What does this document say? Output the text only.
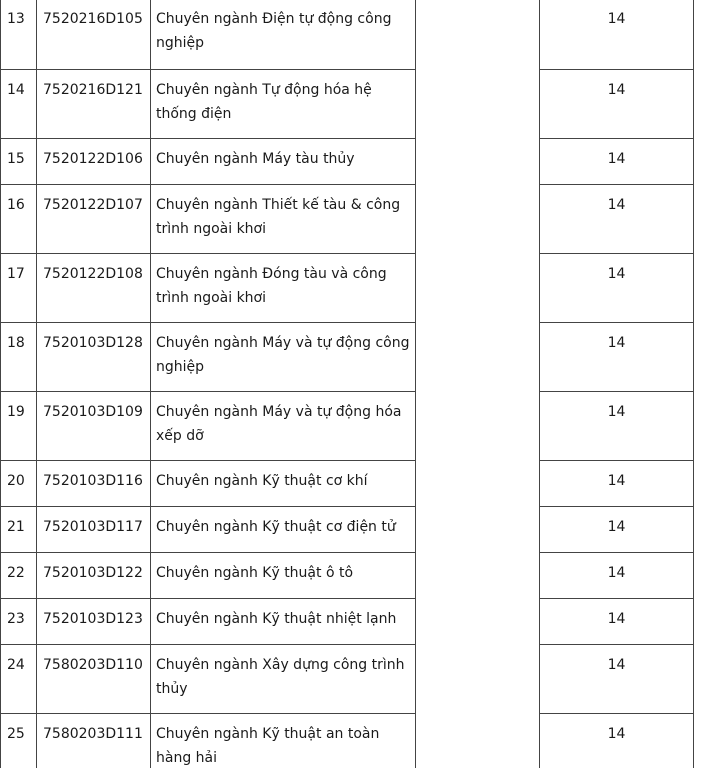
13	7520216D105	Chuyên ngành Điện tự động công nghiệp		14
14	7520216D121	Chuyên ngành Tự động hóa hệ thống điện		14
15	7520122D106	Chuyên ngành Máy tàu thủy		14
16	7520122D107	Chuyên ngành Thiết kế tàu & công trình ngoài khơi		14
17	7520122D108	Chuyên ngành Đóng tàu và công trình ngoài khơi		14
18	7520103D128	Chuyên ngành Máy và tự động công nghiệp		14
19	7520103D109	Chuyên ngành Máy và tự động hóa xếp dỡ		14
20	7520103D116	Chuyên ngành Kỹ thuật cơ khí		14
21	7520103D117	Chuyên ngành Kỹ thuật cơ điện tử		14
22	7520103D122	Chuyên ngành Kỹ thuật ô tô		14
23	7520103D123	Chuyên ngành Kỹ thuật nhiệt lạnh		14
24	7580203D110	Chuyên ngành Xây dựng công trình thủy		14
25	7580203D111	Chuyên ngành Kỹ thuật an toàn hàng hải		14
